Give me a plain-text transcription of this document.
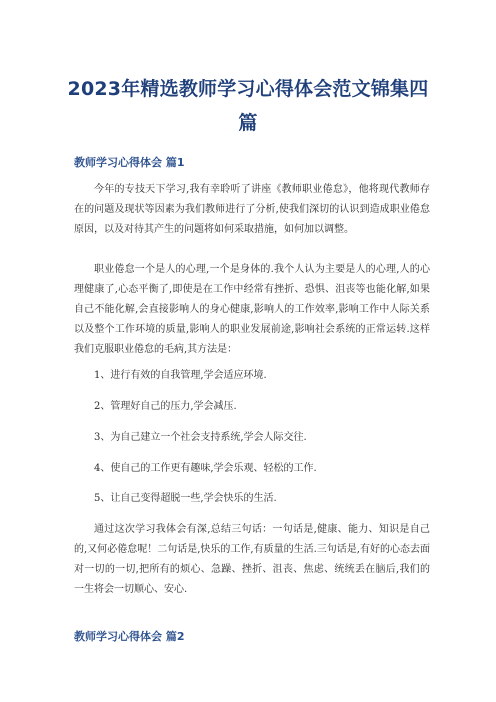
2023年精选教师学习心得体会范文锦集四篇
教师学习心得体会 篇1
今年的专技天下学习,我有幸聆听了讲座《教师职业倦怠》，他将现代教师存在的问题及现状等因素为我们教师进行了分析,使我们深切的认识到造成职业倦怠原因，以及对待其产生的问题将如何采取措施，如何加以调整。
职业倦怠一个是人的心理,一个是身体的.我个人认为主要是人的心理,人的心理健康了,心态平衡了,即使是在工作中经常有挫折、恐惧、沮丧等也能化解,如果自己不能化解,会直接影响人的身心健康,影响人的工作效率,影响工作中人际关系以及整个工作环境的质量,影响人的职业发展前途,影响社会系统的正常运转.这样我们克服职业倦怠的毛病,其方法是：
1、进行有效的自我管理,学会适应环境.
2、管理好自己的压力,学会减压.
3、为自己建立一个社会支持系统,学会人际交往.
4、使自己的工作更有趣味,学会乐观、轻松的工作.
5、让自己变得超脱一些,学会快乐的生活.
通过这次学习我体会有深,总结三句话：一句话是,健康、能力、知识是自己的,又何必倦怠呢！二句话是,快乐的工作,有质量的生活.三句话是,有好的心态去面对一切的一切,把所有的烦心、急躁、挫折、沮丧、焦虑、统统丢在脑后,我们的一生将会一切顺心、安心.
教师学习心得体会 篇2
